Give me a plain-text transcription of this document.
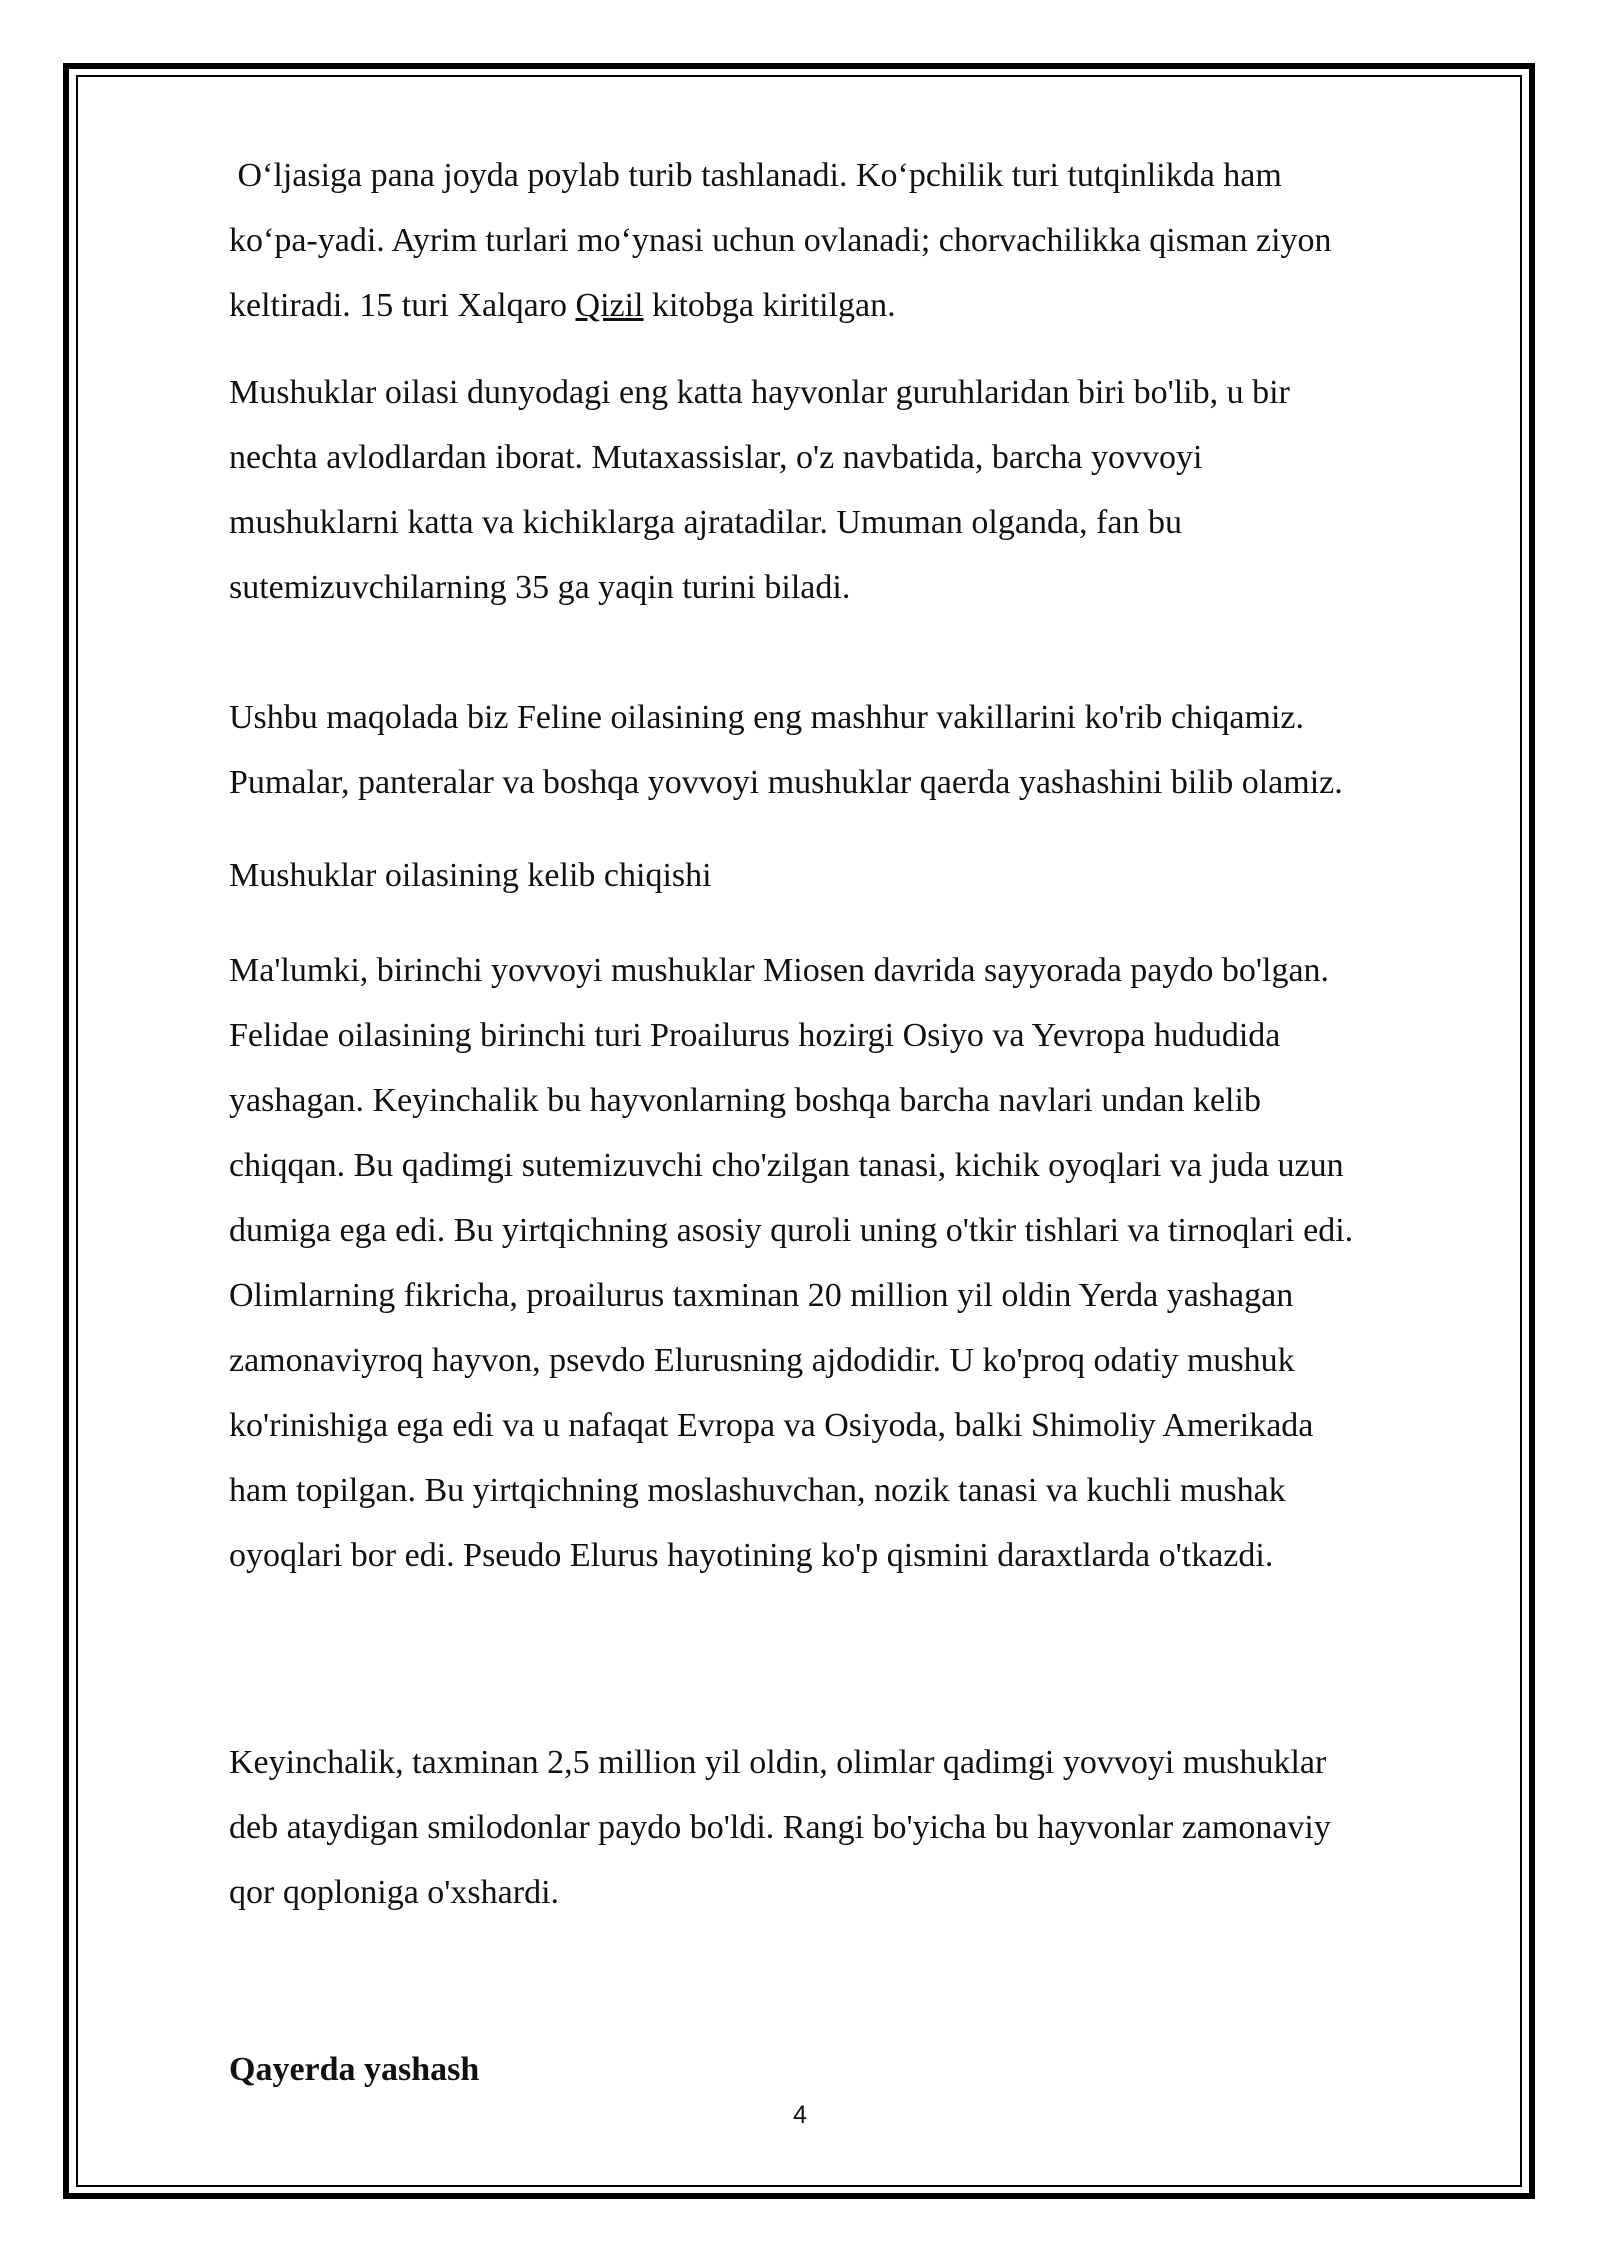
O‘ljasiga pana joyda poylab turib tashlanadi. Ko‘pchilik turi tutqinlikda ham
ko‘pa-yadi. Ayrim turlari mo‘ynasi uchun ovlanadi; chorvachilikka qisman ziyon
keltiradi. 15 turi Xalqaro Qizil kitobga kiritilgan.

Mushuklar oilasi dunyodagi eng katta hayvonlar guruhlaridan biri bo'lib, u bir
nechta avlodlardan iborat. Mutaxassislar, o'z navbatida, barcha yovvoyi
mushuklarni katta va kichiklarga ajratadilar. Umuman olganda, fan bu
sutemizuvchilarning 35 ga yaqin turini biladi.

Ushbu maqolada biz Feline oilasining eng mashhur vakillarini ko'rib chiqamiz.
Pumalar, panteralar va boshqa yovvoyi mushuklar qaerda yashashini bilib olamiz.

Mushuklar oilasining kelib chiqishi

Ma'lumki, birinchi yovvoyi mushuklar Miosen davrida sayyorada paydo bo'lgan.
Felidae oilasining birinchi turi Proailurus hozirgi Osiyo va Yevropa hududida
yashagan. Keyinchalik bu hayvonlarning boshqa barcha navlari undan kelib
chiqqan. Bu qadimgi sutemizuvchi cho'zilgan tanasi, kichik oyoqlari va juda uzun
dumiga ega edi. Bu yirtqichning asosiy quroli uning o'tkir tishlari va tirnoqlari edi.
Olimlarning fikricha, proailurus taxminan 20 million yil oldin Yerda yashagan
zamonaviyroq hayvon, psevdo Elurusning ajdodidir. U ko'proq odatiy mushuk
ko'rinishiga ega edi va u nafaqat Evropa va Osiyoda, balki Shimoliy Amerikada
ham topilgan. Bu yirtqichning moslashuvchan, nozik tanasi va kuchli mushak
oyoqlari bor edi. Pseudo Elurus hayotining ko'p qismini daraxtlarda o'tkazdi.

Keyinchalik, taxminan 2,5 million yil oldin, olimlar qadimgi yovvoyi mushuklar
deb ataydigan smilodonlar paydo bo'ldi. Rangi bo'yicha bu hayvonlar zamonaviy
qor qoploniga o'xshardi.

Qayerda yashash

4
